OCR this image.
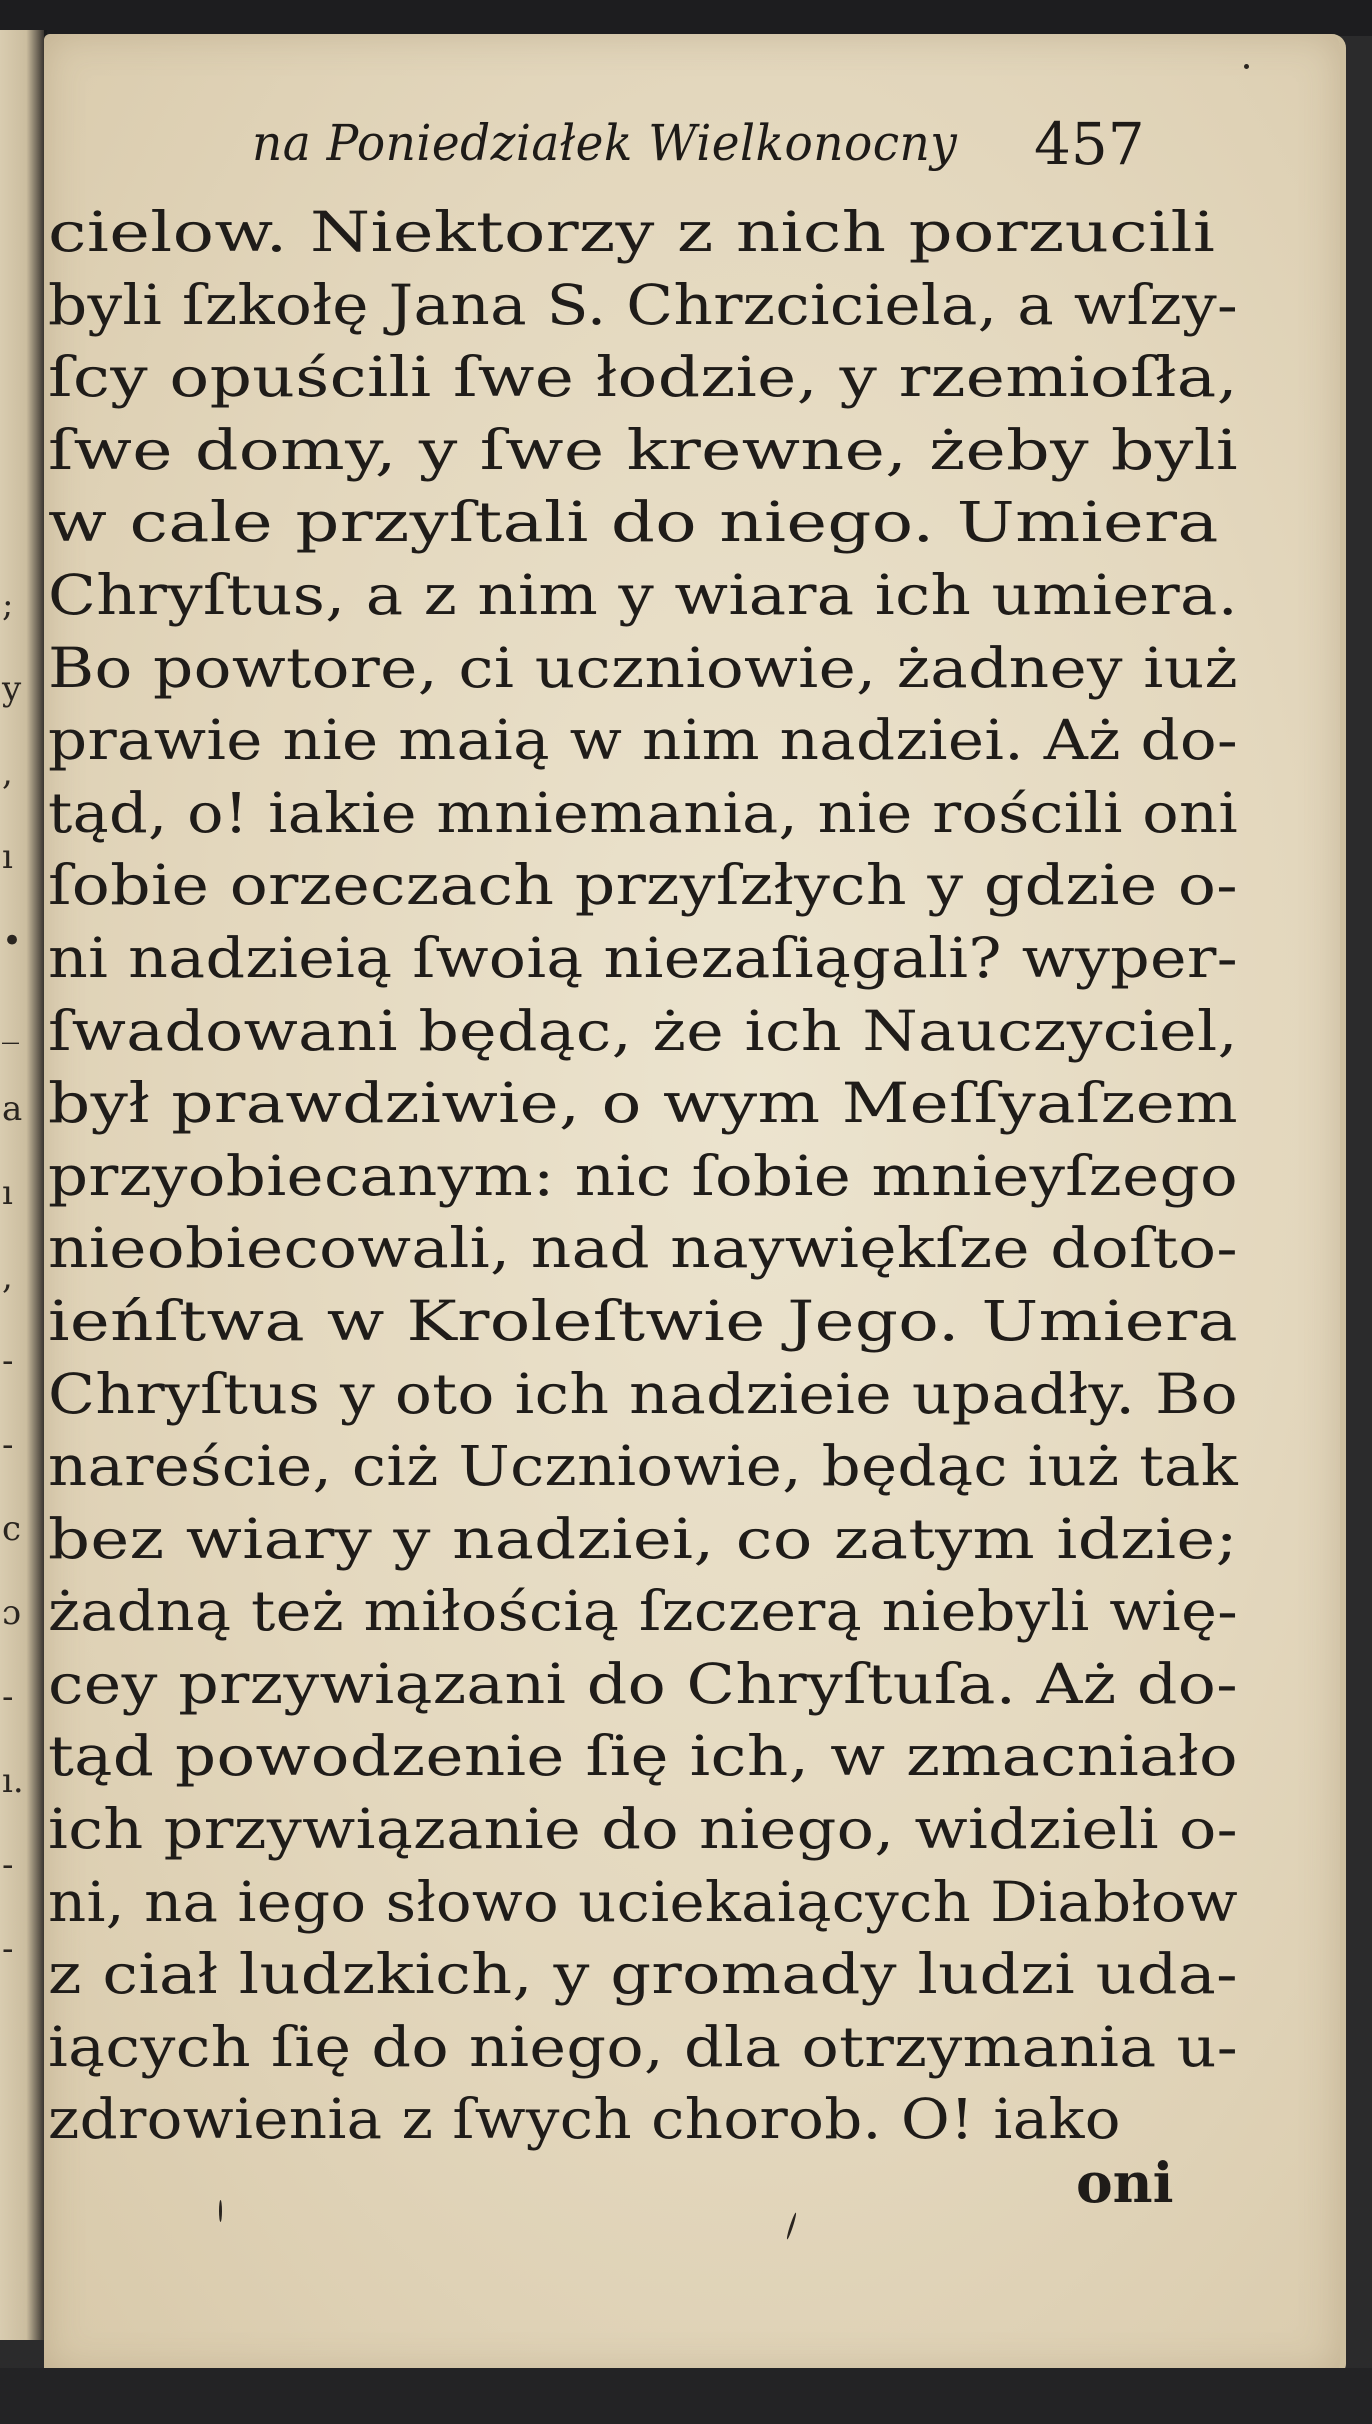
;
y
,
ı
•
_
a
ı
,
-
-
c
ɔ
-
ı.
-
-
na Poniedziałek Wielkonocny 457
cielow. Niektorzy z nich porzucili
byli ſzkołę Jana S. Chrzciciela, a wſzy-
ſcy opuścili ſwe łodzie, y rzemioſła,
ſwe domy, y ſwe krewne, żeby byli
w cale przyſtali do niego. Umiera
Chryſtus, a z nim y wiara ich umiera.
Bo powtore, ci uczniowie, żadney iuż
prawie nie maią w nim nadziei. Aż do-
tąd, o! iakie mniemania, nie rościli oni
ſobie orzeczach przyſzłych y gdzie o-
ni nadzieią ſwoią niezaſiągali? wyper-
ſwadowani będąc, że ich Nauczyciel,
był prawdziwie, o wym Meſſyaſzem
przyobiecanym: nic ſobie mnieyſzego
nieobiecowali, nad naywiękſze doſto-
ieńſtwa w Kroleſtwie Jego. Umiera
Chryſtus y oto ich nadzieie upadły. Bo
nareście, ciż Uczniowie, będąc iuż tak
bez wiary y nadziei, co zatym idzie;
żadną też miłością ſzczerą niebyli wię-
cey przywiązani do Chryſtuſa. Aż do-
tąd powodzenie ſię ich, w zmacniało
ich przywiązanie do niego, widzieli o-
ni, na iego słowo uciekaiących Diabłow
z ciał ludzkich, y gromady ludzi uda-
iących ſię do niego, dla otrzymania u-
zdrowienia z ſwych chorob. O! iako
oni
